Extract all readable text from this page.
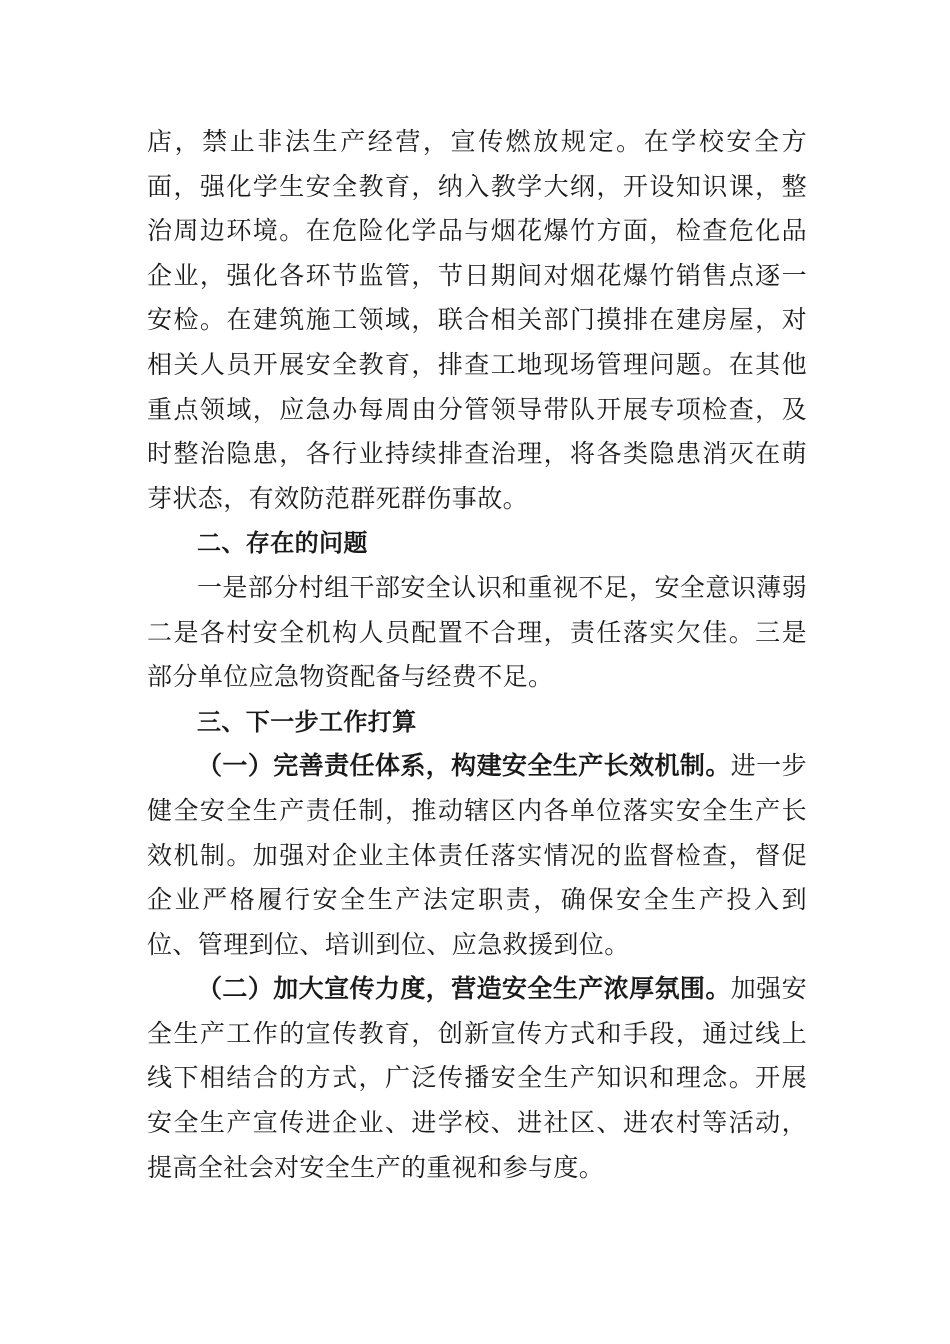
店，禁止非法生产经营，宣传燃放规定。在学校安全方面，强化学生安全教育，纳入教学大纲，开设知识课，整治周边环境。在危险化学品与烟花爆竹方面，检查危化品企业，强化各环节监管，节日期间对烟花爆竹销售点逐一安检。在建筑施工领域，联合相关部门摸排在建房屋，对相关人员开展安全教育，排查工地现场管理问题。在其他重点领域，应急办每周由分管领导带队开展专项检查，及时整治隐患，各行业持续排查治理，将各类隐患消灭在萌芽状态，有效防范群死群伤事故。

二、存在的问题

一是部分村组干部安全认识和重视不足，安全意识薄弱二是各村安全机构人员配置不合理，责任落实欠佳。三是部分单位应急物资配备与经费不足。

三、下一步工作打算

（一）完善责任体系，构建安全生产长效机制。进一步健全安全生产责任制，推动辖区内各单位落实安全生产长效机制。加强对企业主体责任落实情况的监督检查，督促企业严格履行安全生产法定职责，确保安全生产投入到位、管理到位、培训到位、应急救援到位。

（二）加大宣传力度，营造安全生产浓厚氛围。加强安全生产工作的宣传教育，创新宣传方式和手段，通过线上线下相结合的方式，广泛传播安全生产知识和理念。开展安全生产宣传进企业、进学校、进社区、进农村等活动，提高全社会对安全生产的重视和参与度。
